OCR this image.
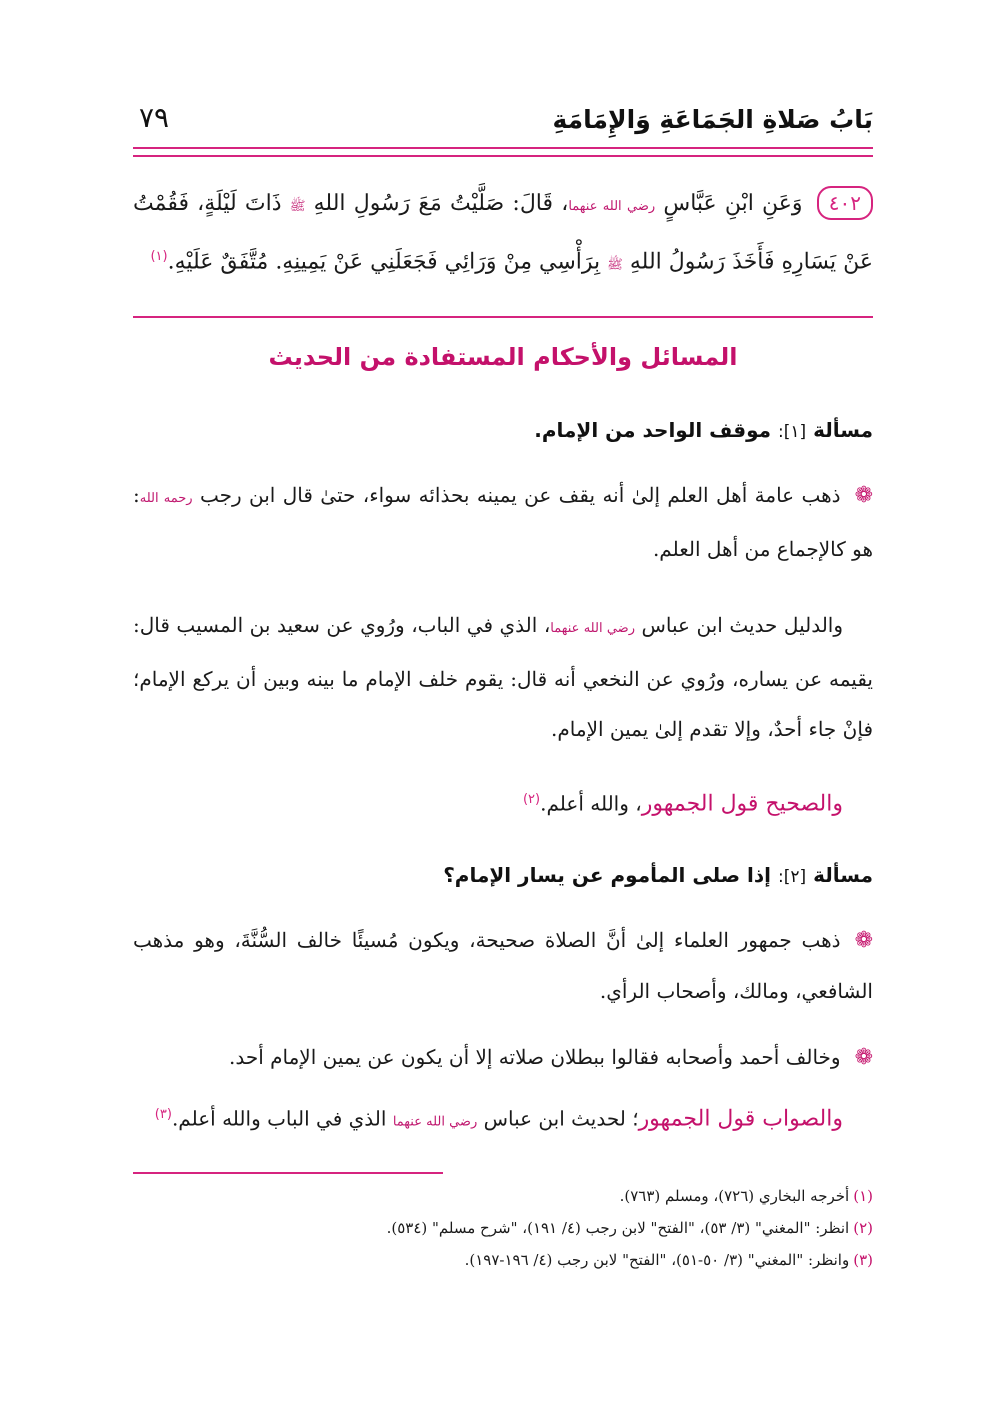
بَابُ صَلاةِ الجَمَاعَةِ وَالإِمَامَةِ
٧٩
٤٠٢ وَعَنِ ابْنِ عَبَّاسٍ رضي الله عنهما، قَالَ: صَلَّيْتُ مَعَ رَسُولِ اللهِ ﷺ ذَاتَ لَيْلَةٍ، فَقُمْتُ عَنْ يَسَارِهِ فَأَخَذَ رَسُولُ اللهِ ﷺ بِرَأْسِي مِنْ وَرَائِي فَجَعَلَنِي عَنْ يَمِينِهِ. مُتَّفَقٌ عَلَيْهِ.$^{(١)}$
المسائل والأحكام المستفادة من الحديث
مسألة [١]: موقف الواحد من الإمام.
❁ذهب عامة أهل العلم إلىٰ أنه يقف عن يمينه بحذائه سواء، حتىٰ قال ابن رجب رحمه الله: هو كالإجماع من أهل العلم.
والدليل حديث ابن عباس رضي الله عنهما، الذي في الباب، ورُوي عن سعيد بن المسيب قال: يقيمه عن يساره، ورُوي عن النخعي أنه قال: يقوم خلف الإمام ما بينه وبين أن يركع الإمام؛ فإنْ جاء أحدٌ، وإلا تقدم إلىٰ يمين الإمام.
والصحيح قول الجمهور، والله أعلم.$^{(٢)}$
مسألة [٢]: إذا صلى المأموم عن يسار الإمام؟
❁ذهب جمهور العلماء إلىٰ أنَّ الصلاة صحيحة، ويكون مُسيئًا خالف السُّنَّةَ، وهو مذهب الشافعي، ومالك، وأصحاب الرأي.
❁وخالف أحمد وأصحابه فقالوا ببطلان صلاته إلا أن يكون عن يمين الإمام أحد.
والصواب قول الجمهور؛ لحديث ابن عباس رضي الله عنهما الذي في الباب والله أعلم.$^{(٣)}$
(١)أخرجه البخاري (٧٢٦)، ومسلم (٧٦٣).
(٢)انظر: "المغني" (٣/ ٥٣)، "الفتح" لابن رجب (٤/ ١٩١)، "شرح مسلم" (٥٣٤).
(٣)وانظر: "المغني" (٣/ ٥٠-٥١)، "الفتح" لابن رجب (٤/ ١٩٦-١٩٧).
